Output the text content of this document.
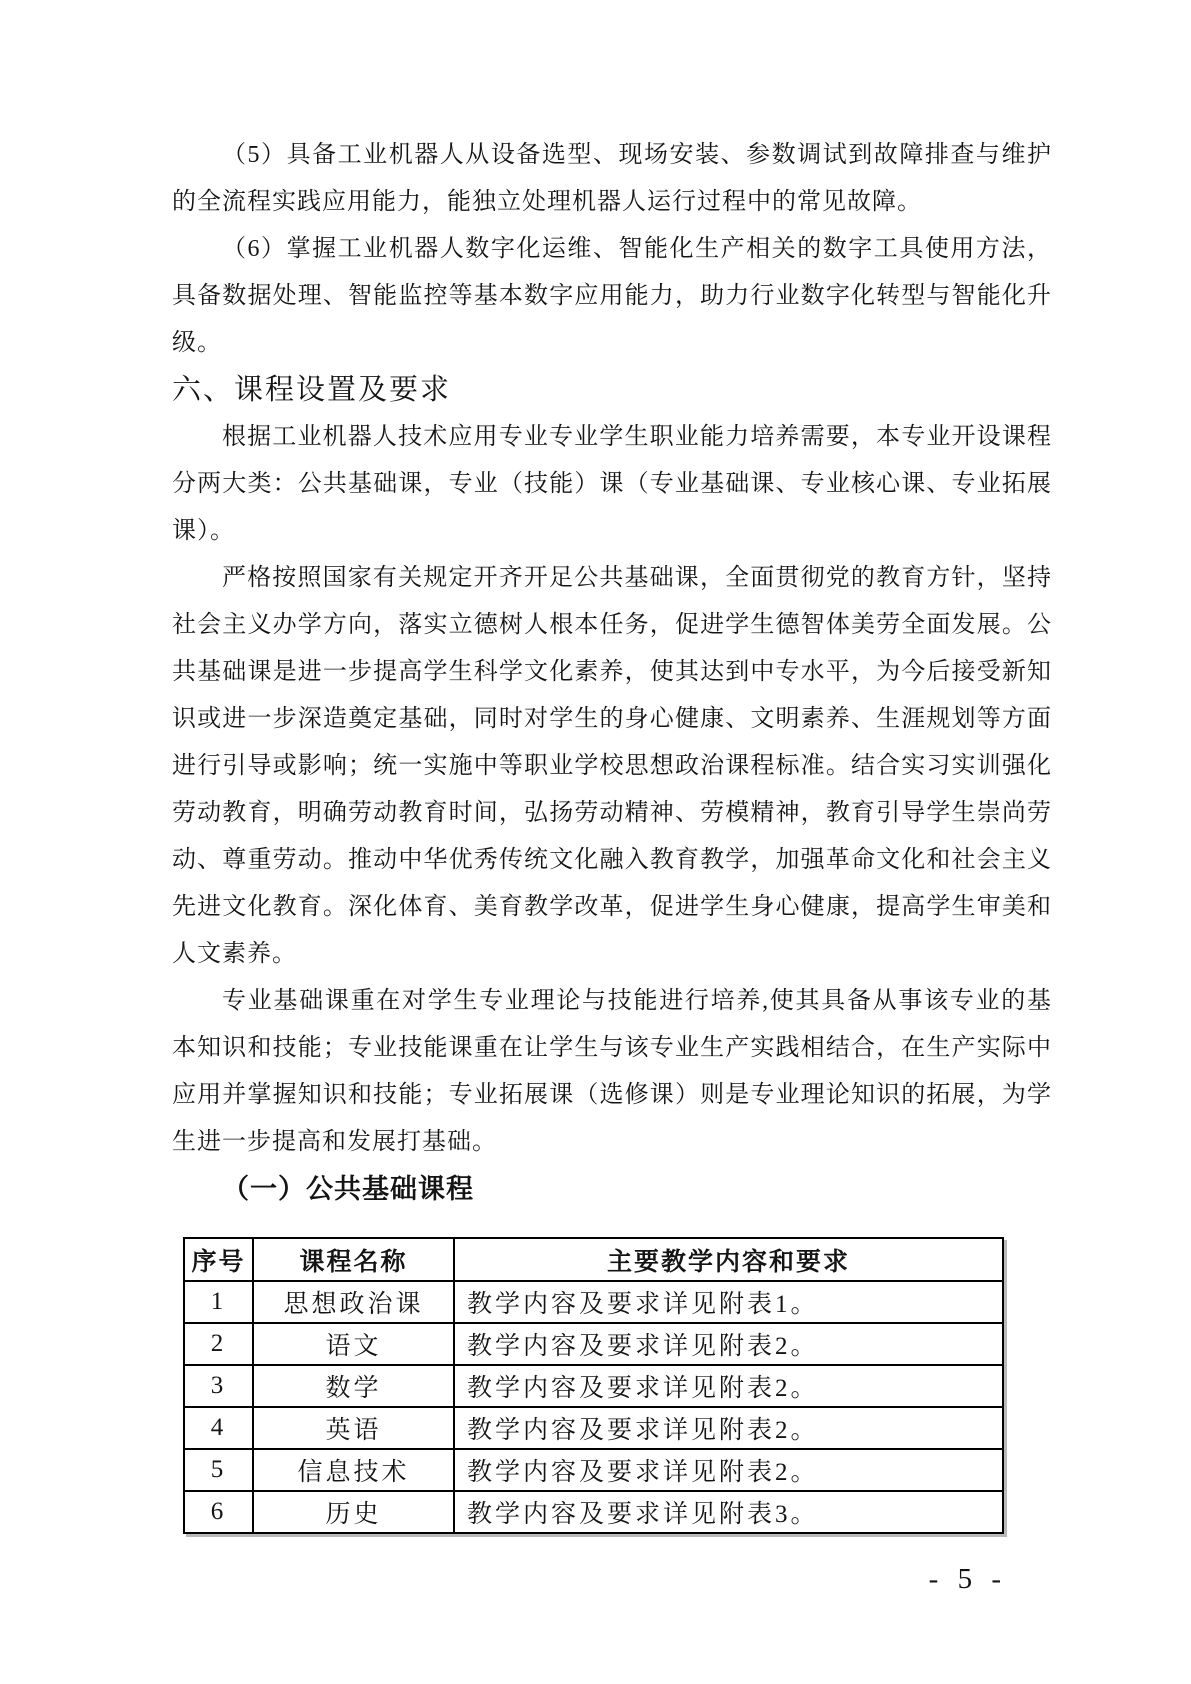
（5）具备工业机器人从设备选型、现场安装、参数调试到故障排查与维护
的全流程实践应用能力，能独立处理机器人运行过程中的常见故障。
（6）掌握工业机器人数字化运维、智能化生产相关的数字工具使用方法，
具备数据处理、智能监控等基本数字应用能力，助力行业数字化转型与智能化升
级。
六、课程设置及要求
根据工业机器人技术应用专业专业学生职业能力培养需要，本专业开设课程
分两大类：公共基础课，专业（技能）课（专业基础课、专业核心课、专业拓展
课）。
严格按照国家有关规定开齐开足公共基础课，全面贯彻党的教育方针，坚持
社会主义办学方向，落实立德树人根本任务，促进学生德智体美劳全面发展。公
共基础课是进一步提高学生科学文化素养，使其达到中专水平，为今后接受新知
识或进一步深造奠定基础，同时对学生的身心健康、文明素养、生涯规划等方面
进行引导或影响；统一实施中等职业学校思想政治课程标准。结合实习实训强化
劳动教育，明确劳动教育时间，弘扬劳动精神、劳模精神，教育引导学生崇尚劳
动、尊重劳动。推动中华优秀传统文化融入教育教学，加强革命文化和社会主义
先进文化教育。深化体育、美育教学改革，促进学生身心健康，提高学生审美和
人文素养。
专业基础课重在对学生专业理论与技能进行培养,使其具备从事该专业的基
本知识和技能；专业技能课重在让学生与该专业生产实践相结合，在生产实际中
应用并掌握知识和技能；专业拓展课（选修课）则是专业理论知识的拓展，为学
生进一步提高和发展打基础。
（一）公共基础课程
序号	课程名称	主要教学内容和要求
1	思想政治课	教学内容及要求详见附表1。
2	语文	教学内容及要求详见附表2。
3	数学	教学内容及要求详见附表2。
4	英语	教学内容及要求详见附表2。
5	信息技术	教学内容及要求详见附表2。
6	历史	教学内容及要求详见附表3。
- 5 -
